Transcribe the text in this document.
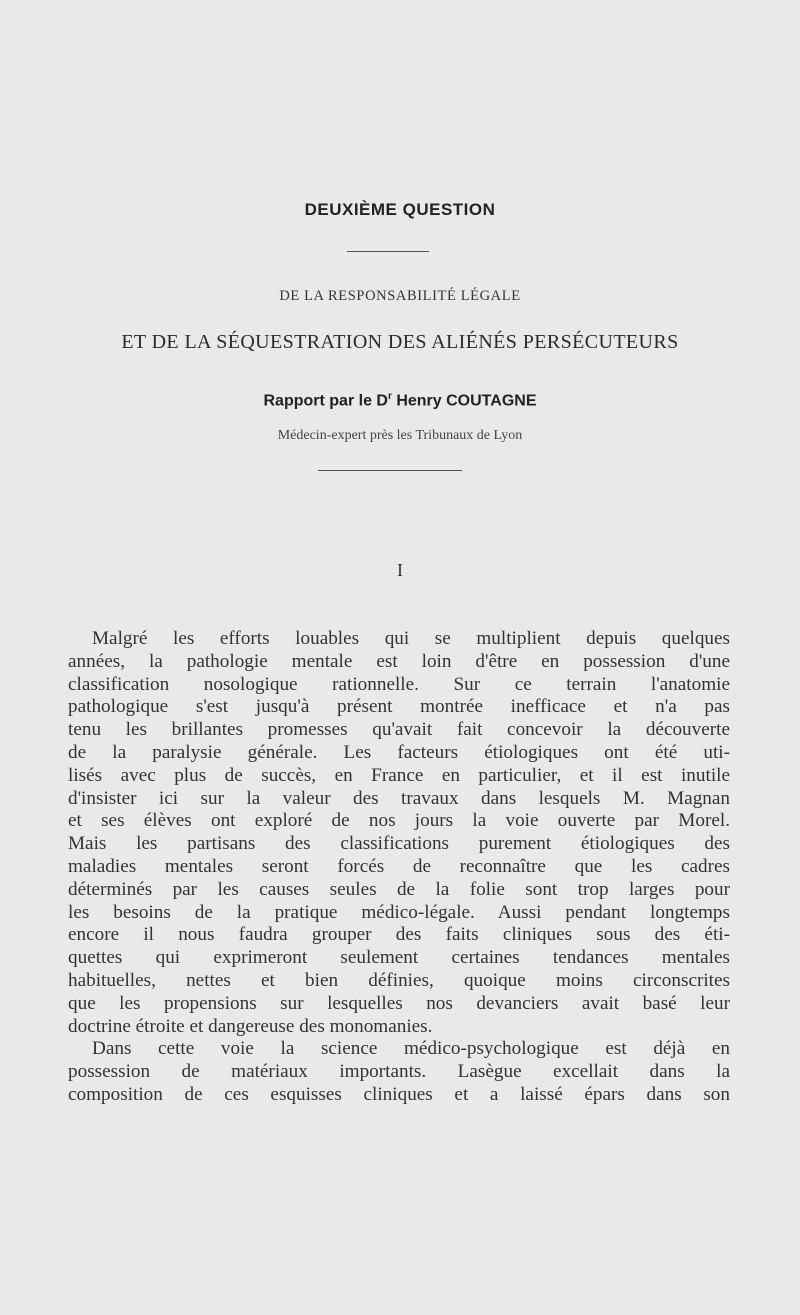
DEUXIÈME QUESTION
DE LA RESPONSABILITÉ LÉGALE
ET DE LA SÉQUESTRATION DES ALIÉNÉS PERSÉCUTEURS
Rapport par le $D^r$ Henry COUTAGNE
Médecin-expert près les Tribunaux de Lyon
I
Malgré les efforts louables qui se multiplient depuis quelques
années, la pathologie mentale est loin d'être en possession d'une
classification nosologique rationnelle. Sur ce terrain l'anatomie
pathologique s'est jusqu'à présent montrée inefficace et n'a pas
tenu les brillantes promesses qu'avait fait concevoir la découverte
de la paralysie générale. Les facteurs étiologiques ont été uti-
lisés avec plus de succès, en France en particulier, et il est inutile
d'insister ici sur la valeur des travaux dans lesquels M. Magnan
et ses élèves ont exploré de nos jours la voie ouverte par Morel.
Mais les partisans des classifications purement étiologiques des
maladies mentales seront forcés de reconnaître que les cadres
déterminés par les causes seules de la folie sont trop larges pour
les besoins de la pratique médico-légale. Aussi pendant longtemps
encore il nous faudra grouper des faits cliniques sous des éti-
quettes qui exprimeront seulement certaines tendances mentales
habituelles, nettes et bien définies, quoique moins circonscrites
que les propensions sur lesquelles nos devanciers avait basé leur
doctrine étroite et dangereuse des monomanies.
Dans cette voie la science médico-psychologique est déjà en
possession de matériaux importants. Lasègue excellait dans la
composition de ces esquisses cliniques et a laissé épars dans son
